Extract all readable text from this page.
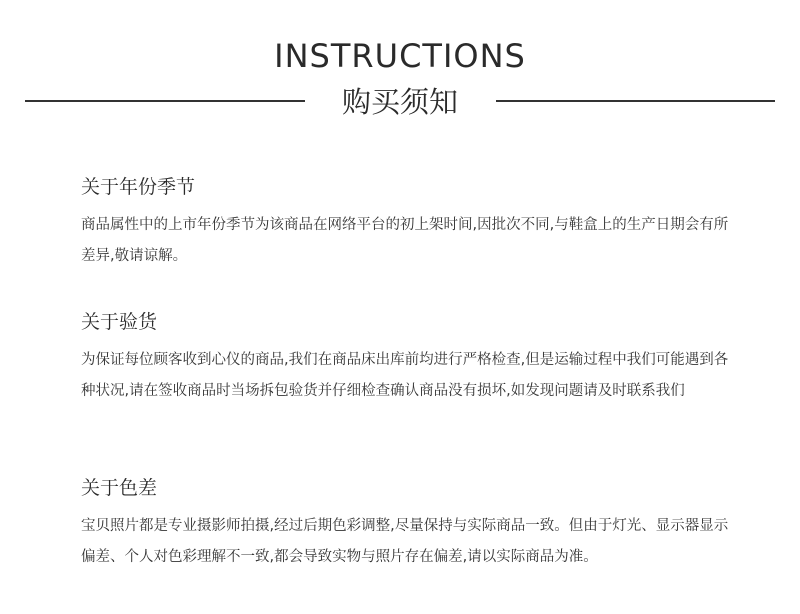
INSTRUCTIONS
购买须知
关于年份季节

商品属性中的上市年份季节为该商品在网络平台的初上架时间,因批次不同,与鞋盒上的生产日期会有所差异,敬请谅解。

关于验货

为保证每位顾客收到心仪的商品,我们在商品床出库前均进行严格检查,但是运输过程中我们可能遇到各种状况,请在签收商品时当场拆包验货并仔细检查确认商品没有损坏,如发现问题请及时联系我们

关于色差

宝贝照片都是专业摄影师拍摄,经过后期色彩调整,尽量保持与实际商品一致。但由于灯光、显示器显示偏差、个人对色彩理解不一致,都会导致实物与照片存在偏差,请以实际商品为准。
